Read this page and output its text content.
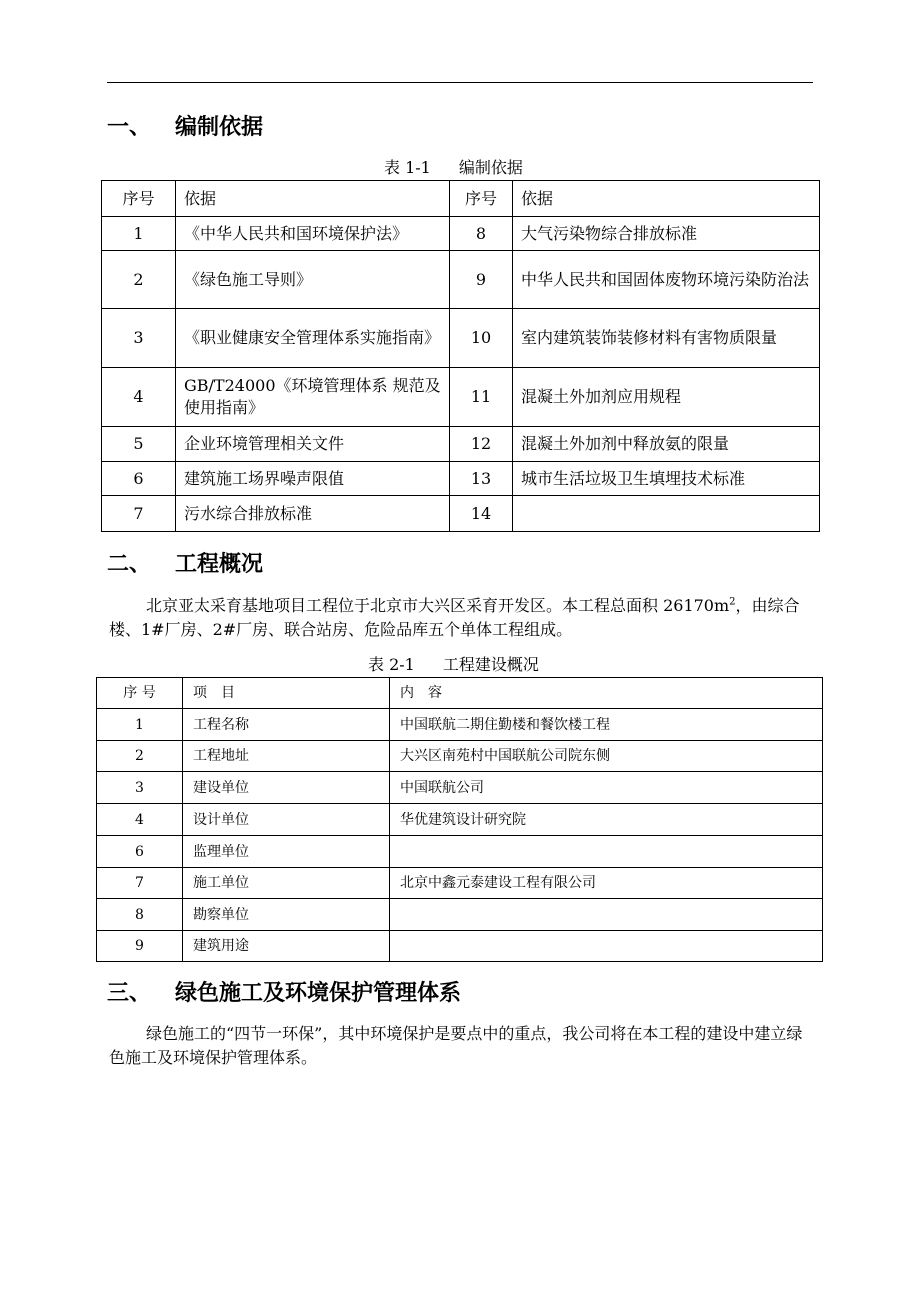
一、 编制依据
表 1-1 编制依据
序号	依据	序号	依据
1	《中华人民共和国环境保护法》	8	大气污染物综合排放标准
2	《绿色施工导则》	9	中华人民共和国固体废物环境污染防治法
3	《职业健康安全管理体系实施指南》	10	室内建筑装饰装修材料有害物质限量
4	GB/T24000《环境管理体系 规范及使用指南》	11	混凝土外加剂应用规程
5	企业环境管理相关文件	12	混凝土外加剂中释放氨的限量
6	建筑施工场界噪声限值	13	城市生活垃圾卫生填埋技术标准
7	污水综合排放标准	14	
二、 工程概况
北京亚太采育基地项目工程位于北京市大兴区采育开发区。本工程总面积 $26170m^2$，由综合楼、1#厂房、2#厂房、联合站房、危险品库五个单体工程组成。
表 2-1 工程建设概况
序 号	项　目	内　容
1	工程名称	中国联航二期住勤楼和餐饮楼工程
2	工程地址	大兴区南苑村中国联航公司院东侧
3	建设单位	中国联航公司
4	设计单位	华优建筑设计研究院
6	监理单位	
7	施工单位	北京中鑫元泰建设工程有限公司
8	勘察单位	
9	建筑用途	
三、 绿色施工及环境保护管理体系
绿色施工的“四节一环保”，其中环境保护是要点中的重点，我公司将在本工程的建设中建立绿色施工及环境保护管理体系。
